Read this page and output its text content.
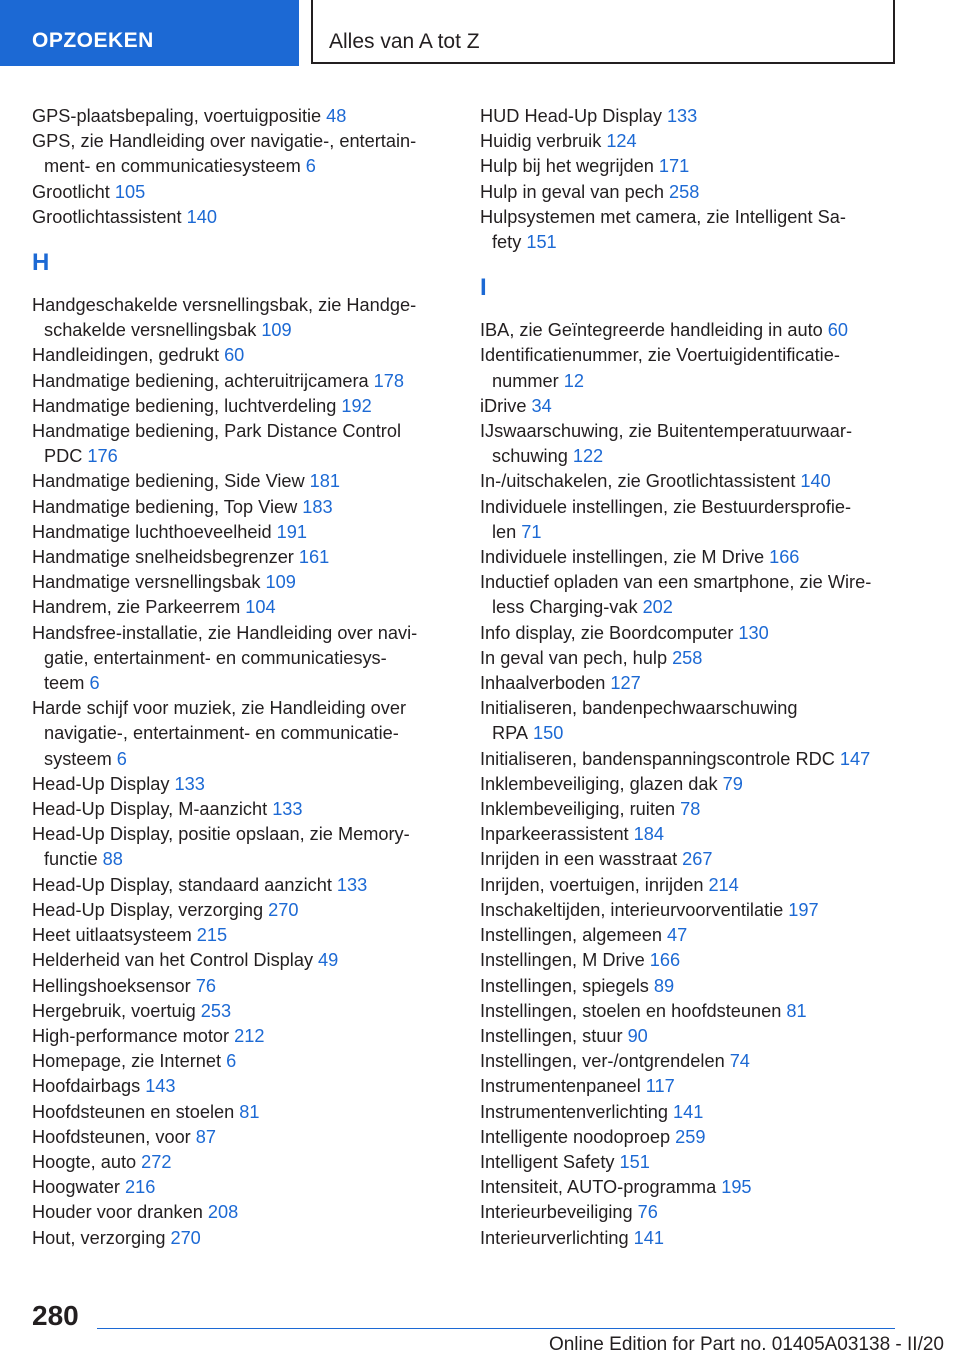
OPZOEKEN	Alles van A tot Z
GPS-plaatsbepaling, voertuigpositie 48
GPS, zie Handleiding over navigatie-, entertain-
ment- en communicatiesysteem 6
Grootlicht 105
Grootlichtassistent 140
H
Handgeschakelde versnellingsbak, zie Handge-
schakelde versnellingsbak 109
Handleidingen, gedrukt 60
Handmatige bediening, achteruitrijcamera 178
Handmatige bediening, luchtverdeling 192
Handmatige bediening, Park Distance Control
PDC 176
Handmatige bediening, Side View 181
Handmatige bediening, Top View 183
Handmatige luchthoeveelheid 191
Handmatige snelheidsbegrenzer 161
Handmatige versnellingsbak 109
Handrem, zie Parkeerrem 104
Handsfree-installatie, zie Handleiding over navi-
gatie, entertainment- en communicatiesys-
teem 6
Harde schijf voor muziek, zie Handleiding over
navigatie-, entertainment- en communicatie-
systeem 6
Head-Up Display 133
Head-Up Display, M-aanzicht 133
Head-Up Display, positie opslaan, zie Memory-
functie 88
Head-Up Display, standaard aanzicht 133
Head-Up Display, verzorging 270
Heet uitlaatsysteem 215
Helderheid van het Control Display 49
Hellingshoeksensor 76
Hergebruik, voertuig 253
High-performance motor 212
Homepage, zie Internet 6
Hoofdairbags 143
Hoofdsteunen en stoelen 81
Hoofdsteunen, voor 87
Hoogte, auto 272
Hoogwater 216
Houder voor dranken 208
Hout, verzorging 270
HUD Head-Up Display 133
Huidig verbruik 124
Hulp bij het wegrijden 171
Hulp in geval van pech 258
Hulpsystemen met camera, zie Intelligent Sa-
fety 151
I
IBA, zie Geïntegreerde handleiding in auto 60
Identificatienummer, zie Voertuigidentificatie-
nummer 12
iDrive 34
IJswaarschuwing, zie Buitentemperatuurwaar-
schuwing 122
In-/uitschakelen, zie Grootlichtassistent 140
Individuele instellingen, zie Bestuurdersprofie-
len 71
Individuele instellingen, zie M Drive 166
Inductief opladen van een smartphone, zie Wire-
less Charging-vak 202
Info display, zie Boordcomputer 130
In geval van pech, hulp 258
Inhaalverboden 127
Initialiseren, bandenpechwaarschuwing
RPA 150
Initialiseren, bandenspanningscontrole RDC 147
Inklembeveiliging, glazen dak 79
Inklembeveiliging, ruiten 78
Inparkeerassistent 184
Inrijden in een wasstraat 267
Inrijden, voertuigen, inrijden 214
Inschakeltijden, interieurvoorventilatie 197
Instellingen, algemeen 47
Instellingen, M Drive 166
Instellingen, spiegels 89
Instellingen, stoelen en hoofdsteunen 81
Instellingen, stuur 90
Instellingen, ver-/ontgrendelen 74
Instrumentenpaneel 117
Instrumentenverlichting 141
Intelligente noodoproep 259
Intelligent Safety 151
Intensiteit, AUTO-programma 195
Interieurbeveiliging 76
Interieurverlichting 141
280
Online Edition for Part no. 01405A03138 - II/20
